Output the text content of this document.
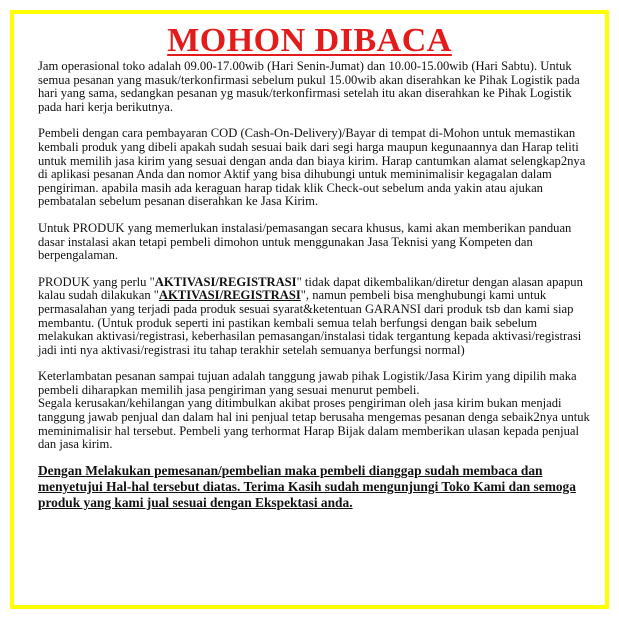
MOHON DIBACA

Jam operasional toko adalah 09.00-17.00wib (Hari Senin-Jumat) dan 10.00-15.00wib (Hari Sabtu). Untuk semua pesanan yang masuk/terkonfirmasi sebelum pukul 15.00wib akan diserahkan ke Pihak Logistik pada hari yang sama, sedangkan pesanan yg masuk/terkonfirmasi setelah itu akan diserahkan ke Pihak Logistik pada hari kerja berikutnya.

Pembeli dengan cara pembayaran COD (Cash-On-Delivery)/Bayar di tempat di-Mohon untuk memastikan kembali produk yang dibeli apakah sudah sesuai baik dari segi harga maupun kegunaannya dan Harap teliti untuk memilih jasa kirim yang sesuai dengan anda dan biaya kirim. Harap cantumkan alamat selengkap2nya di aplikasi pesanan Anda dan nomor Aktif yang bisa dihubungi untuk meminimalisir kegagalan dalam pengiriman. apabila masih ada keraguan harap tidak klik Check-out sebelum anda yakin atau ajukan pembatalan sebelum pesanan diserahkan ke Jasa Kirim.

Untuk PRODUK yang memerlukan instalasi/pemasangan secara khusus, kami akan memberikan panduan dasar instalasi akan tetapi pembeli dimohon untuk menggunakan Jasa Teknisi yang Kompeten dan berpengalaman.

PRODUK yang perlu "AKTIVASI/REGISTRASI" tidak dapat dikembalikan/diretur dengan alasan apapun kalau sudah dilakukan "AKTIVASI/REGISTRASI", namun pembeli bisa menghubungi kami untuk permasalahan yang terjadi pada produk sesuai syarat&ketentuan GARANSI dari produk tsb dan kami siap membantu. (Untuk produk seperti ini pastikan kembali semua telah berfungsi dengan baik sebelum melakukan aktivasi/registrasi, keberhasilan pemasangan/instalasi tidak tergantung kepada aktivasi/registrasi jadi inti nya aktivasi/registrasi itu tahap terakhir setelah semuanya berfungsi normal)

Keterlambatan pesanan sampai tujuan adalah tanggung jawab pihak Logistik/Jasa Kirim yang dipilih maka pembeli diharapkan memilih jasa pengiriman yang sesuai menurut pembeli.
Segala kerusakan/kehilangan yang ditimbulkan akibat proses pengiriman oleh jasa kirim bukan menjadi tanggung jawab penjual dan dalam hal ini penjual tetap berusaha mengemas pesanan denga sebaik2nya untuk meminimalisir hal tersebut. Pembeli yang terhormat Harap Bijak dalam memberikan ulasan kepada penjual dan jasa kirim.

Dengan Melakukan pemesanan/pembelian maka pembeli dianggap sudah membaca dan menyetujui Hal-hal tersebut diatas. Terima Kasih sudah mengunjungi Toko Kami dan semoga produk yang kami jual sesuai dengan Ekspektasi anda.
